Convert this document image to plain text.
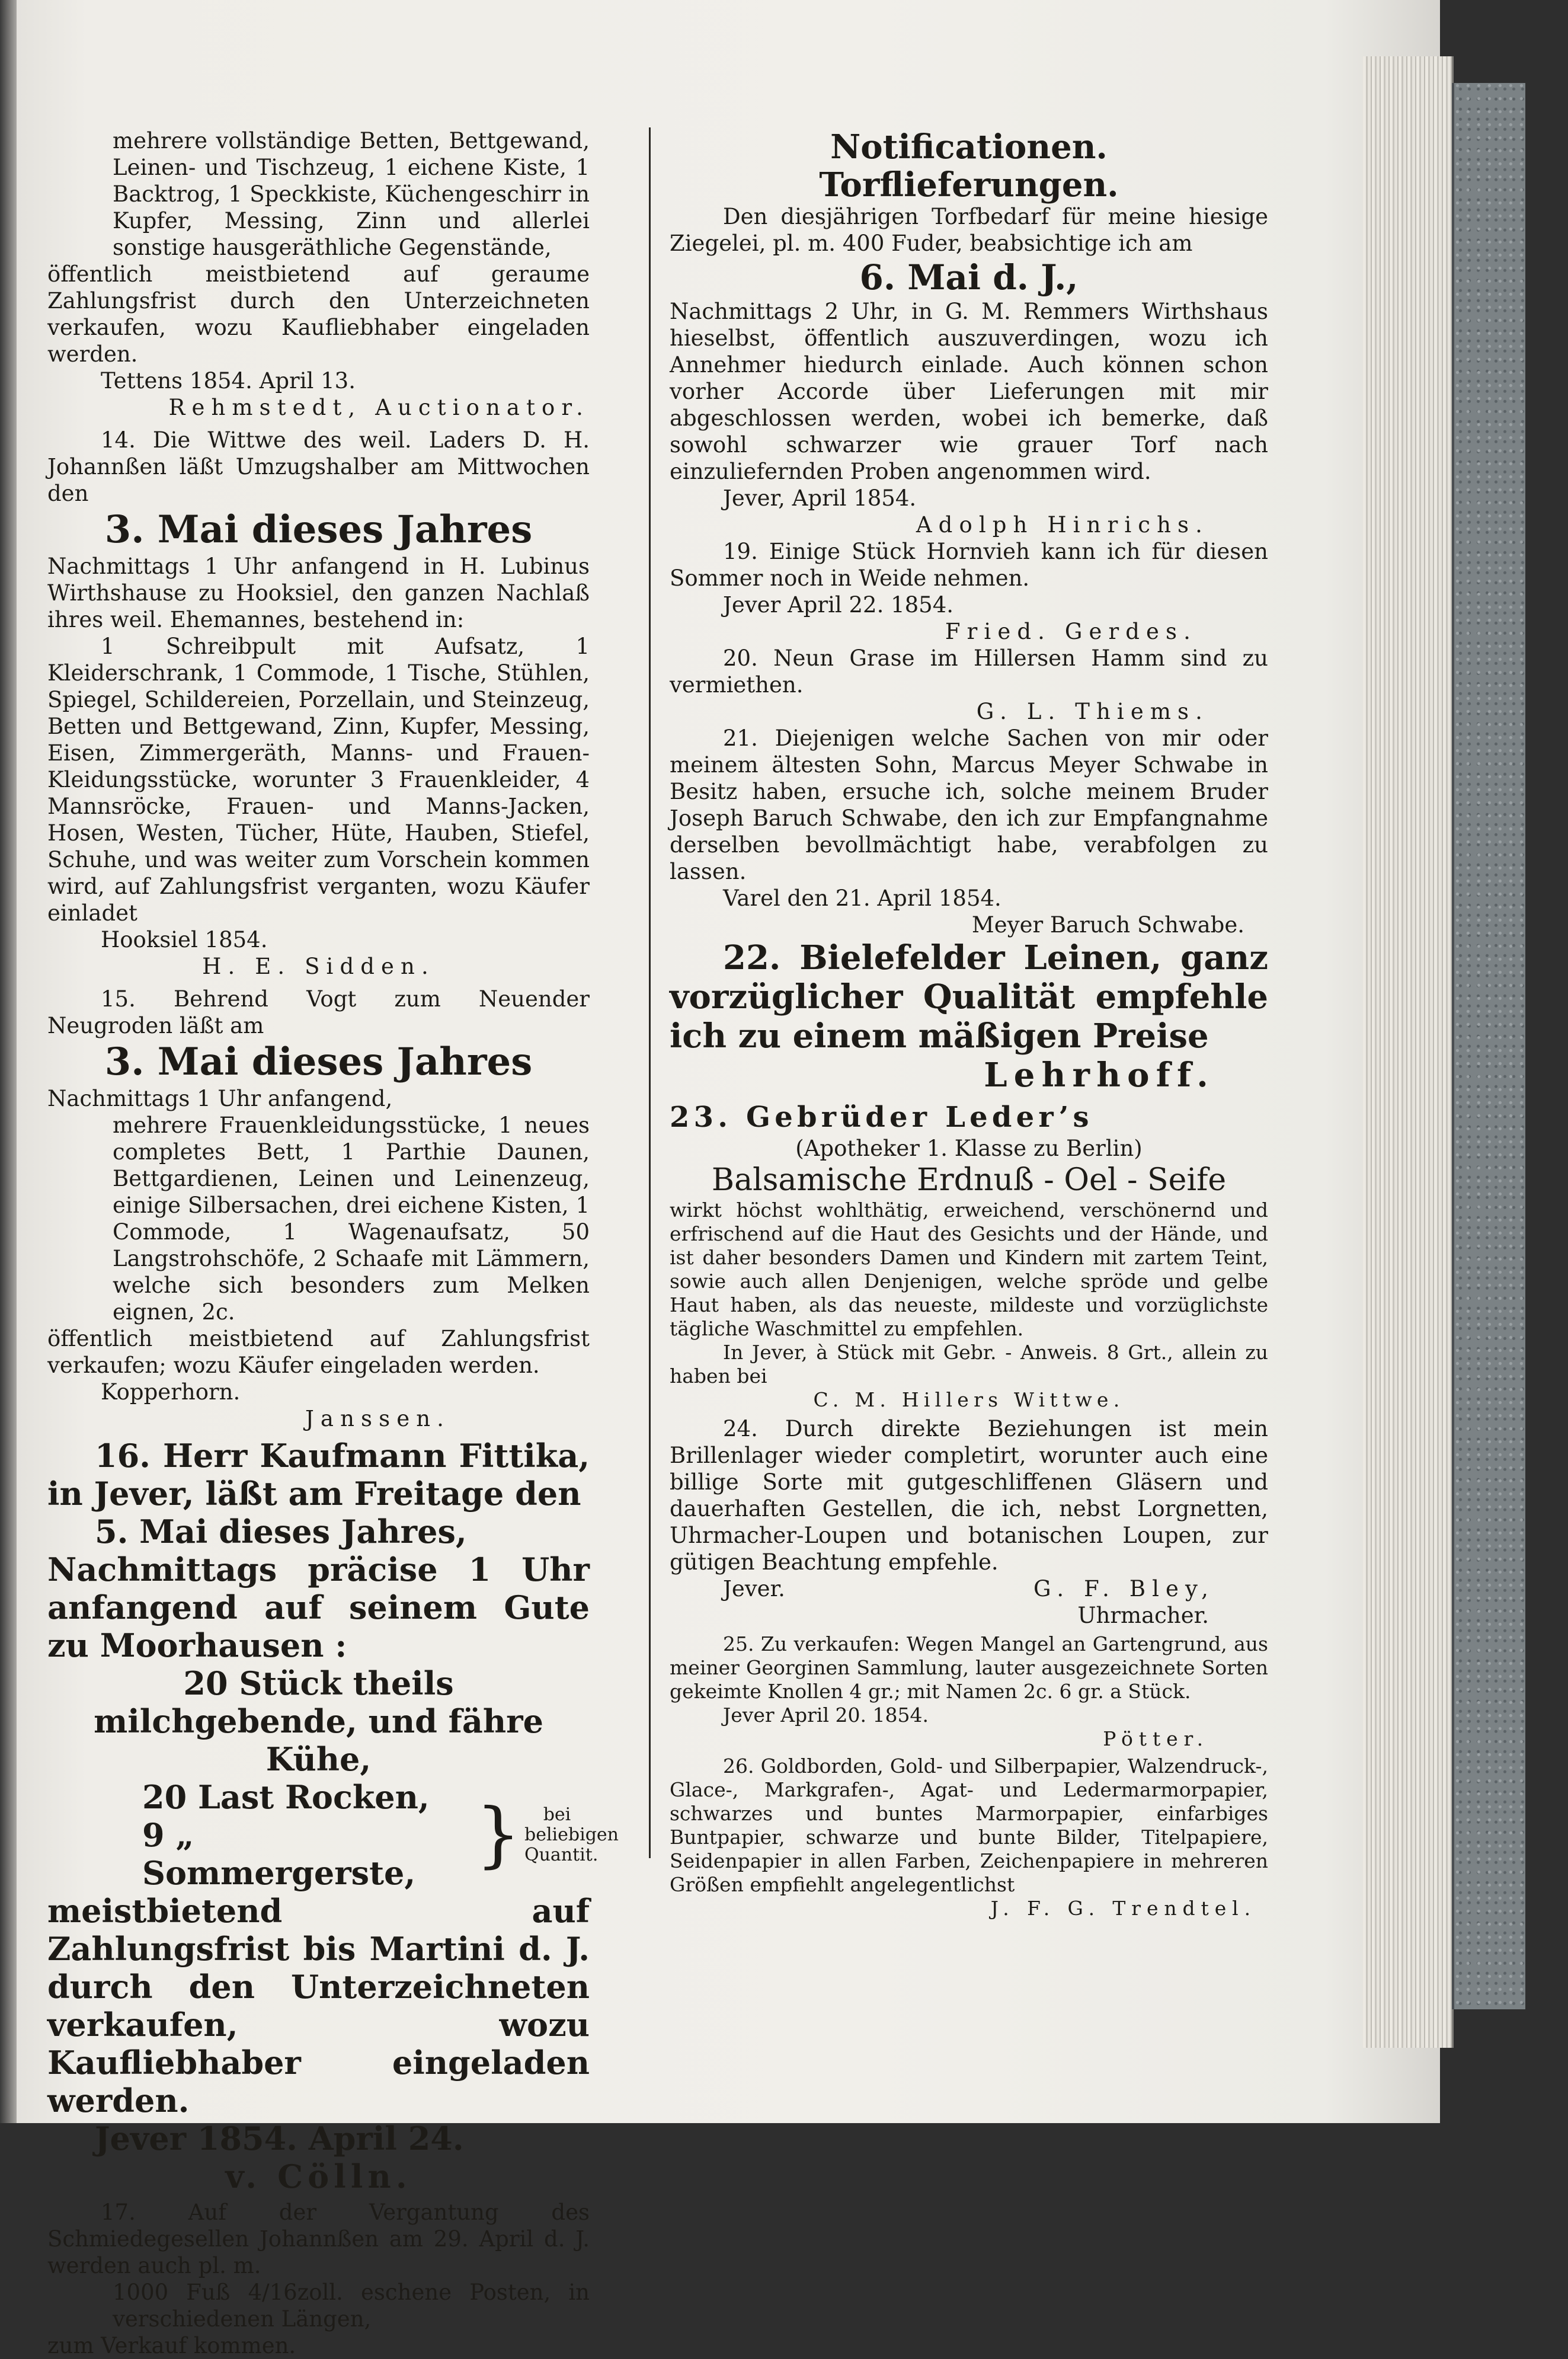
mehrere vollständige Betten, Bettgewand, Leinen- und Tischzeug, 1 eichene Kiste, 1 Backtrog, 1 Speckkiste, Küchengeschirr in Kupfer, Messing, Zinn und allerlei sonstige hausgeräthliche Gegenstände,

öffentlich meistbietend auf geraume Zahlungsfrist durch den Unterzeichneten verkaufen, wozu Kaufliebhaber eingeladen werden.

Tettens 1854. April 13.

Rehmstedt, Auctionator.

14. Die Wittwe des weil. Laders D. H. Johannßen läßt Umzugshalber am Mittwochen den

3. Mai dieses Jahres

Nachmittags 1 Uhr anfangend in H. Lubinus Wirthshause zu Hooksiel, den ganzen Nachlaß ihres weil. Ehemannes, bestehend in:

1 Schreibpult mit Aufsatz, 1 Kleiderschrank, 1 Commode, 1 Tische, Stühlen, Spiegel, Schildereien, Porzellain, und Steinzeug, Betten und Bettgewand, Zinn, Kupfer, Messing, Eisen, Zimmergeräth, Manns- und Frauen-Kleidungsstücke, worunter 3 Frauenkleider, 4 Mannsröcke, Frauen- und Manns-Jacken, Hosen, Westen, Tücher, Hüte, Hauben, Stiefel, Schuhe, und was weiter zum Vorschein kommen wird, auf Zahlungsfrist verganten, wozu Käufer einladet

Hooksiel 1854.

H. E. Sidden.

15. Behrend Vogt zum Neuender Neugroden läßt am

3. Mai dieses Jahres

Nachmittags 1 Uhr anfangend,

mehrere Frauenkleidungsstücke, 1 neues completes Bett, 1 Parthie Daunen, Bettgardienen, Leinen und Leinenzeug, einige Silbersachen, drei eichene Kisten, 1 Commode, 1 Wagenaufsatz, 50 Langstrohschöfe, 2 Schaafe mit Lämmern, welche sich besonders zum Melken eignen, 2c.

öffentlich meistbietend auf Zahlungsfrist verkaufen; wozu Käufer eingeladen werden.

Kopperhorn.

Janssen.

16. Herr Kaufmann Fittika, in Jever, läßt am Freitage den

5. Mai dieses Jahres,

Nachmittags präcise 1 Uhr anfangend auf seinem Gute zu Moorhausen :

20 Stück theils milchgebende, und fähre Kühe,

20 Last Rocken,

9 „ Sommergerste, }	bei beliebigen Quantit.

meistbietend auf Zahlungsfrist bis Martini d. J. durch den Unterzeichneten verkaufen, wozu Kaufliebhaber eingeladen werden.

Jever 1854. April 24.

v. Cölln.

17. Auf der Vergantung des Schmiedegesellen Johannßen am 29. April d. J. werden auch pl. m.

1000 Fuß 4/16zoll. eschene Posten, in verschiedenen Längen,

zum Verkauf kommen.

Notificationen.

Torflieferungen.

Den diesjährigen Torfbedarf für meine hiesige Ziegelei, pl. m. 400 Fuder, beabsichtige ich am

6. Mai d. J.,

Nachmittags 2 Uhr, in G. M. Remmers Wirthshaus hieselbst, öffentlich auszuverdingen, wozu ich Annehmer hiedurch einlade. Auch können schon vorher Accorde über Lieferungen mit mir abgeschlossen werden, wobei ich bemerke, daß sowohl schwarzer wie grauer Torf nach einzuliefernden Proben angenommen wird.

Jever, April 1854.

Adolph Hinrichs.

19. Einige Stück Hornvieh kann ich für diesen Sommer noch in Weide nehmen.

Jever April 22. 1854.

Fried. Gerdes.

20. Neun Grase im Hillersen Hamm sind zu vermiethen.

G. L. Thiems.

21. Diejenigen welche Sachen von mir oder meinem ältesten Sohn, Marcus Meyer Schwabe in Besitz haben, ersuche ich, solche meinem Bruder Joseph Baruch Schwabe, den ich zur Empfangnahme derselben bevollmächtigt habe, verabfolgen zu lassen.

Varel den 21. April 1854.

Meyer Baruch Schwabe.

22. Bielefelder Leinen, ganz vorzüglicher Qualität empfehle ich zu einem mäßigen Preise

Lehrhoff.

23. Gebrüder Leder’s

(Apotheker 1. Klasse zu Berlin)

Balsamische Erdnuß - Oel - Seife

wirkt höchst wohlthätig, erweichend, verschönernd und erfrischend auf die Haut des Gesichts und der Hände, und ist daher besonders Damen und Kindern mit zartem Teint, sowie auch allen Denjenigen, welche spröde und gelbe Haut haben, als das neueste, mildeste und vorzüglichste tägliche Waschmittel zu empfehlen.

In Jever, à Stück mit Gebr. - Anweis. 8 Grt., allein zu haben bei

C. M. Hillers Wittwe.

24. Durch direkte Beziehungen ist mein Brillenlager wieder completirt, worunter auch eine billige Sorte mit gutgeschliffenen Gläsern und dauerhaften Gestellen, die ich, nebst Lorgnetten, Uhrmacher-Loupen und botanischen Loupen, zur gütigen Beachtung empfehle.

Jever.	G. F. Bley,

Uhrmacher.

25. Zu verkaufen: Wegen Mangel an Gartengrund, aus meiner Georginen Sammlung, lauter ausgezeichnete Sorten gekeimte Knollen 4 gr.; mit Namen 2c. 6 gr. a Stück.

Jever April 20. 1854.

Pötter.

26. Goldborden, Gold- und Silberpapier, Walzendruck-, Glace-, Markgrafen-, Agat- und Ledermarmorpapier, schwarzes und buntes Marmorpapier, einfarbiges Buntpapier, schwarze und bunte Bilder, Titelpapiere, Seidenpapier in allen Farben, Zeichenpapiere in mehreren Größen empfiehlt angelegentlichst

J. F. G. Trendtel.
